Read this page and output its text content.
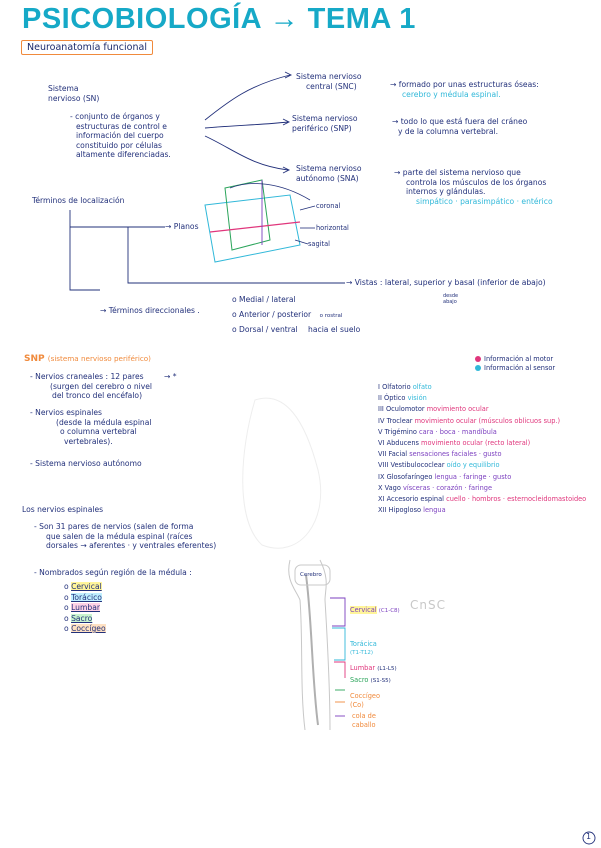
PSICOBIOLOGÍA → TEMA 1
Neuroanatomía funcional
Sistema
nervioso (SN)
- conjunto de órganos y
estructuras de control e
información del cuerpo
constituido por células
altamente diferenciadas.
Sistema nervioso
central (SNC)	→ formado por unas estructuras óseas:
cerebro y médula espinal.
Sistema nervioso
periférico (SNP)
→ todo lo que está fuera del cráneo
y de la columna vertebral.
Sistema nervioso
autónomo (SNA)
→ parte del sistema nervioso que
controla los músculos de los órganos
internos y glándulas.
simpático · parasimpático · entérico
Términos de localización
→ Planos
coronal
horizontal
sagital
→ Vistas : lateral, superior y basal (inferior de abajo)
desde
abajo
→ Términos direccionales .
o Medial / lateral
o Anterior / posterior o rostral
o Dorsal / ventral hacia el suelo
SNP (sistema nervioso periférico)
- Nervios craneales : 12 pares	→ *
(surgen del cerebro o nivel
del tronco del encéfalo)
- Nervios espinales
(desde la médula espinal
o columna vertebral
vertebrales).
- Sistema nervioso autónomo
Información al motor
Información al sensor
I Olfatorio olfato
II Óptico visión
III Oculomotor movimiento ocular
IV Troclear movimiento ocular (músculos oblicuos sup.)
V Trigémino cara · boca · mandíbula
VI Abducens movimiento ocular (recto lateral)
VII Facial sensaciones faciales · gusto
VIII Vestibulococlear oído y equilibrio
IX Glosofaríngeo lengua · faringe · gusto
X Vago vísceras · corazón · faringe
XI Accesorio espinal cuello · hombros · esternocleidomastoideo
XII Hipogloso lengua
Los nervios espinales
- Son 31 pares de nervios (salen de forma
que salen de la médula espinal (raíces
dorsales → aferentes · y ventrales eferentes)
- Nombrados según región de la médula :
o Cervical
o Torácico
o Lumbar
o Sacro
o Coccígeo
Cerebro
CnSC
Cervical (C1-C8)
Torácica
(T1-T12)
Lumbar (L1-L5)
Sacro (S1-S5)
Coccígeo
(Co)
cola de
caballo
1
